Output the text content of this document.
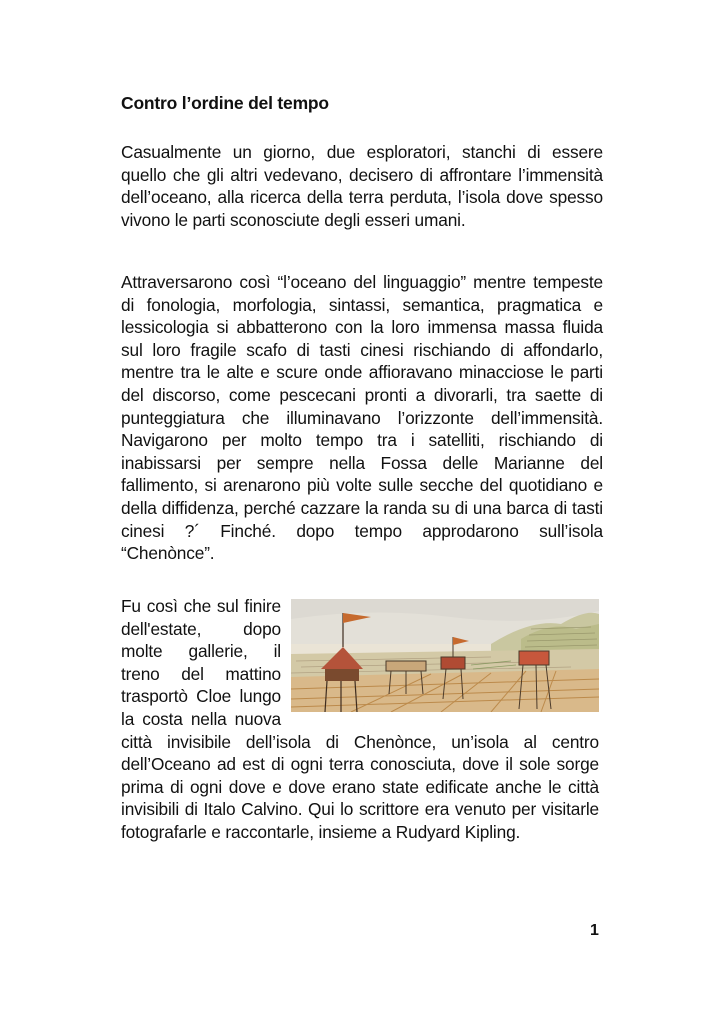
Contro l’ordine del tempo

Casualmente un giorno, due esploratori, stanchi di essere quello che gli altri vedevano, decisero di affrontare l’immensità dell’oceano, alla ricerca della terra perduta, l’isola dove spesso vivono le parti sconosciute degli esseri umani.

Attraversarono così “l’oceano del linguaggio” mentre tempeste di fonologia, morfologia, sintassi, semantica, pragmatica e lessicologia si abbatterono con la loro immensa massa fluida sul loro fragile scafo di tasti cinesi rischiando di affondarlo, mentre tra le alte e scure onde affioravano minacciose le parti del discorso, come pescecani pronti a divorarli, tra saette di punteggiatura che illuminavano l’orizzonte dell’immensità. Navigarono per molto tempo tra i satelliti, rischiando di inabissarsi per sempre nella Fossa delle Marianne del fallimento, si arenarono più volte sulle secche del quotidiano e della diffidenza, perché cazzare la randa su di una barca di tasti cinesi ?´ Finché. dopo tempo approdarono sull’isola “Chenònce”.

Fu così che sul finire dell'estate, dopo molte gallerie, il treno del mattino trasportò Cloe lungo la costa nella nuova città invisibile dell’isola di Chenònce, un’isola al centro dell’Oceano ad est di ogni terra conosciuta, dove il sole sorge prima di ogni dove e dove erano state edificate anche le città invisibili di Italo Calvino. Qui lo scrittore era venuto per visitarle fotografarle e raccontarle, insieme a Rudyard Kipling.
1
